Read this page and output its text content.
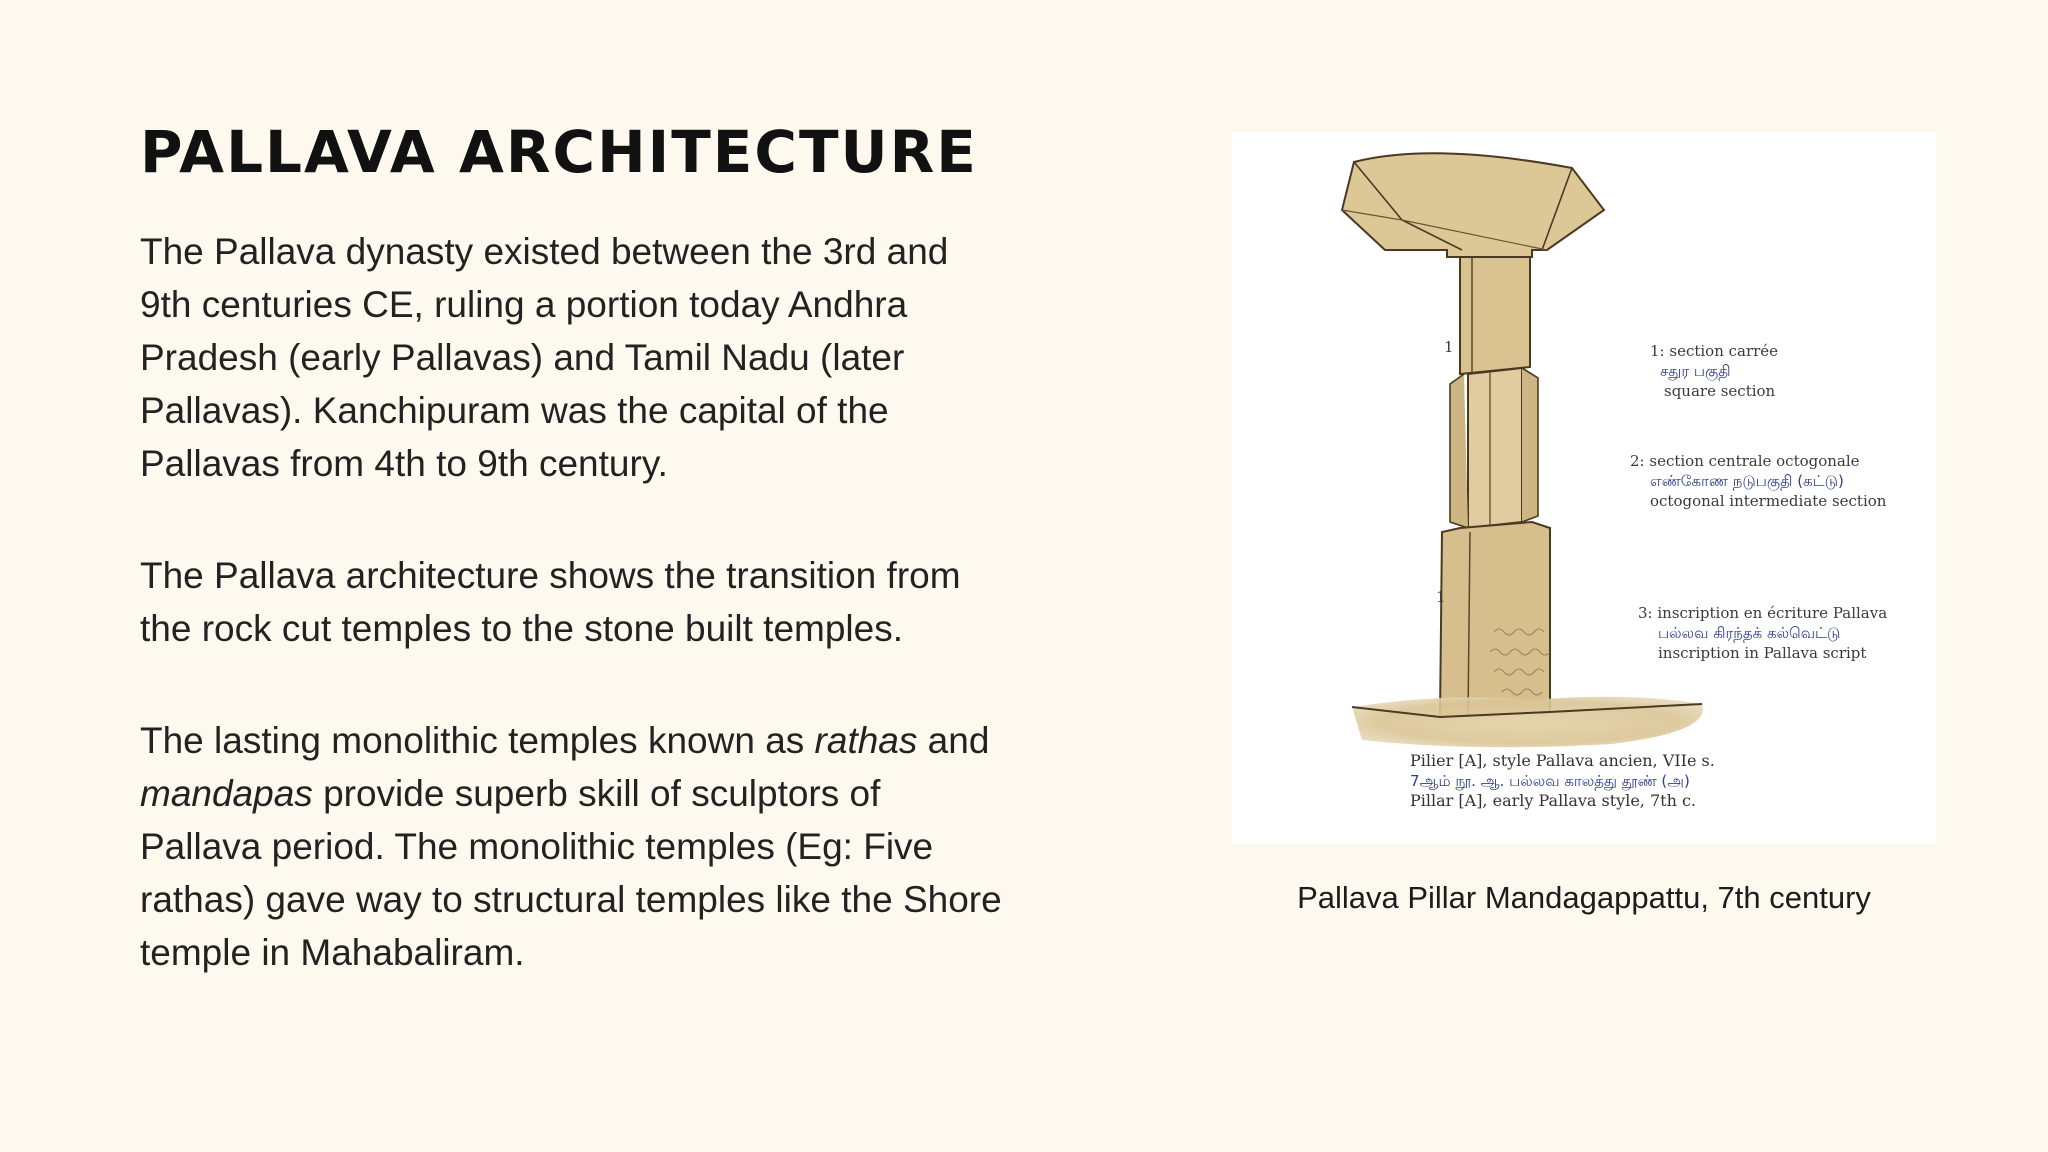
PALLAVA ARCHITECTURE

The Pallava dynasty existed between the 3rd and 9th centuries CE, ruling a portion today Andhra Pradesh (early Pallavas) and Tamil Nadu (later Pallavas). Kanchipuram was the capital of the Pallavas from 4th to 9th century.

The Pallava architecture shows the transition from the rock cut temples to the stone built temples.

The lasting monolithic temples known as rathas and mandapas provide superb skill of sculptors of Pallava period. The monolithic temples (Eg: Five rathas) gave way to structural temples like the Shore temple in Mahabaliram.

1
1
1: section carrée
சதுர பகுதி
square section
2: section centrale octogonale
எண்கோண நடுபகுதி (கட்டு)
octogonal intermediate section
3: inscription en écriture Pallava
பல்லவ கிரந்தக் கல்வெட்டு
inscription in Pallava script
Pilier [A], style Pallava ancien, VIIe s.
7ஆம் நூ. ஆ. பல்லவ காலத்து தூண் (அ)
Pillar [A], early Pallava style, 7th c.
Pallava Pillar Mandagappattu, 7th century
